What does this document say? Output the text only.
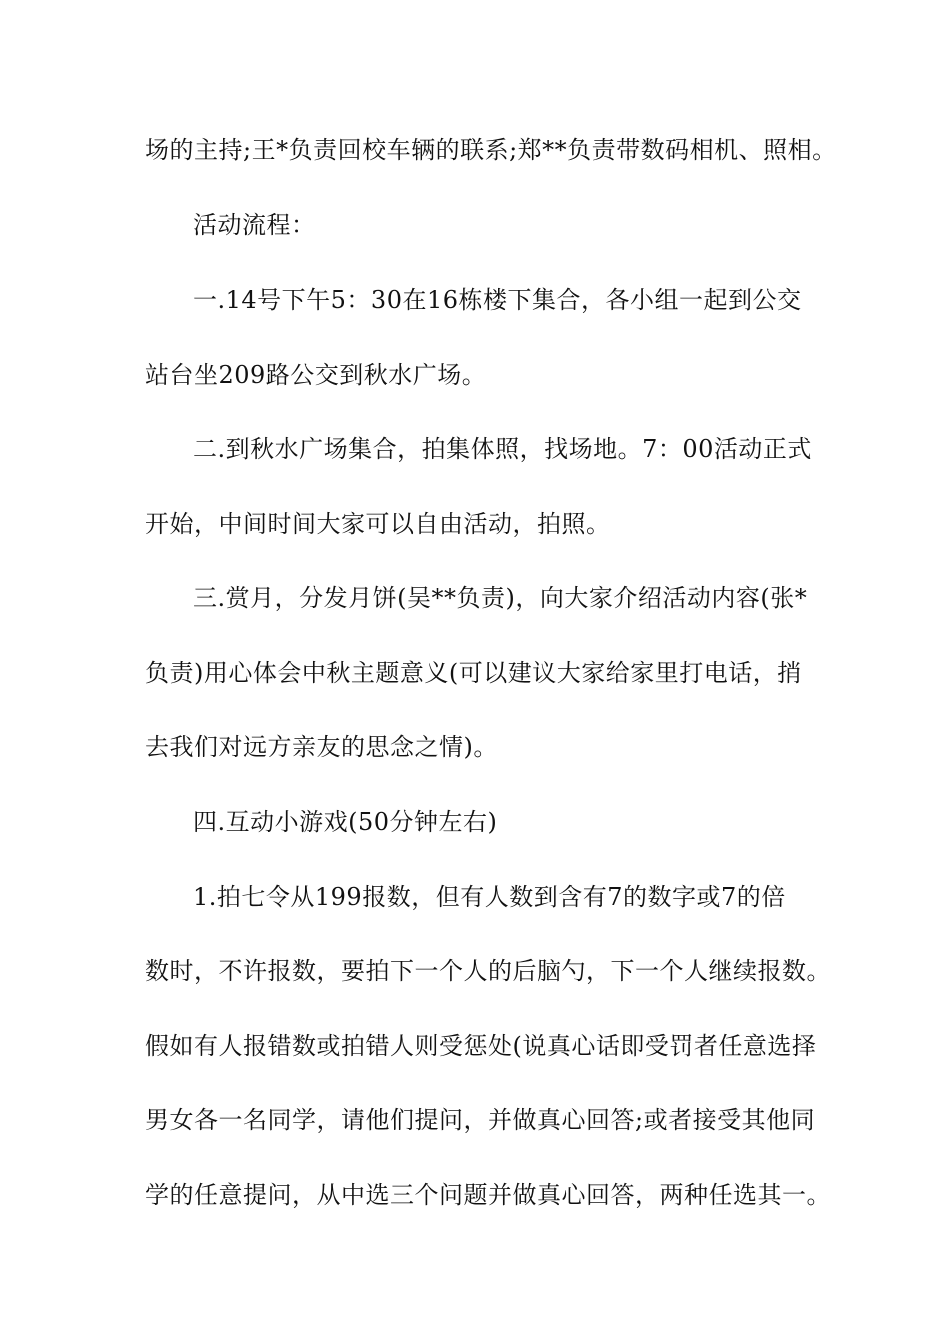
场的主持;王*负责回校车辆的联系;郑**负责带数码相机、照相。

活动流程：

一.14号下午5：30在16栋楼下集合，各小组一起到公交

站台坐209路公交到秋水广场。

二.到秋水广场集合，拍集体照，找场地。7：00活动正式

开始，中间时间大家可以自由活动，拍照。

三.赏月，分发月饼(吴**负责)，向大家介绍活动内容(张*

负责)用心体会中秋主题意义(可以建议大家给家里打电话，捎

去我们对远方亲友的思念之情)。

四.互动小游戏(50分钟左右)

1.拍七令从199报数，但有人数到含有7的数字或7的倍

数时，不许报数，要拍下一个人的后脑勺，下一个人继续报数。

假如有人报错数或拍错人则受惩处(说真心话即受罚者任意选择

男女各一名同学，请他们提问，并做真心回答;或者接受其他同

学的任意提问，从中选三个问题并做真心回答，两种任选其一。
